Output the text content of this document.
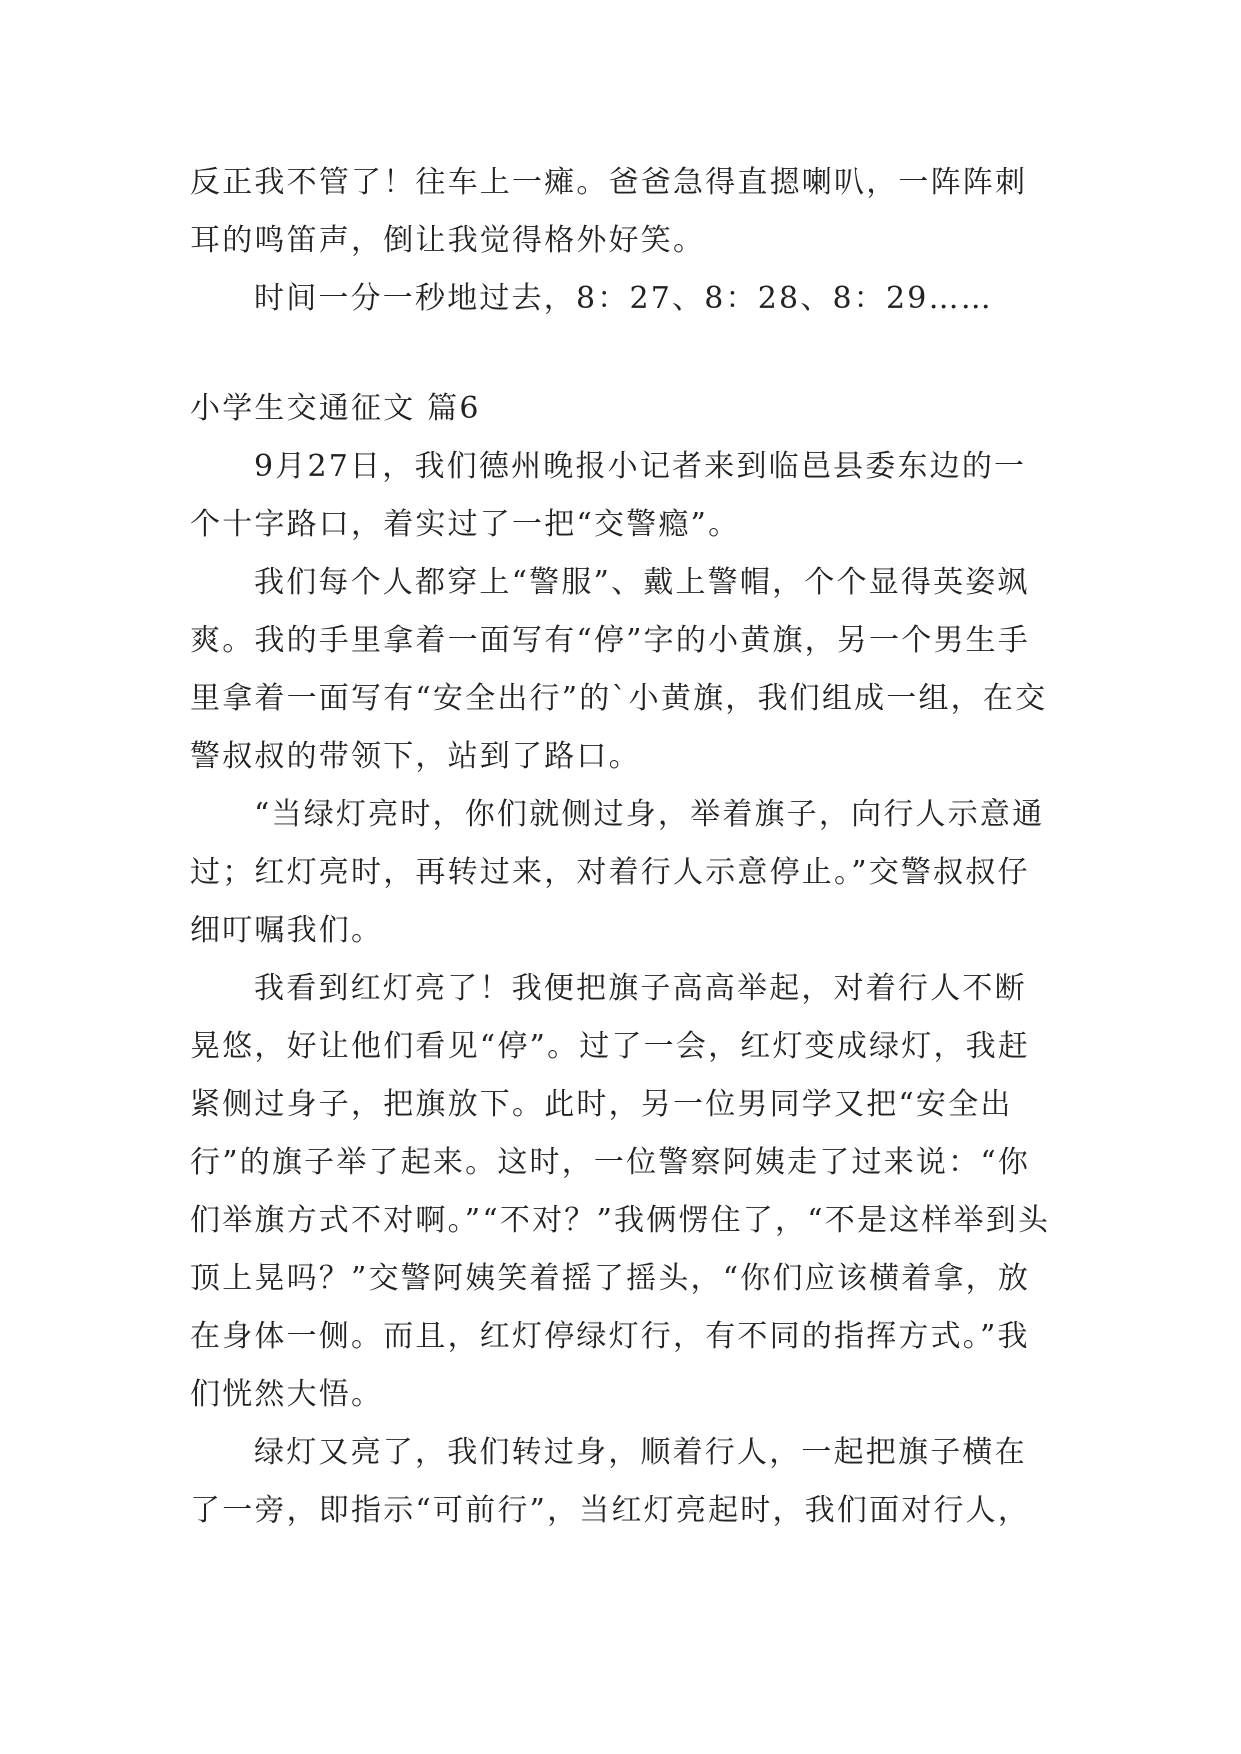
反正我不管了！往车上一瘫。爸爸急得直摁喇叭，一阵阵刺耳的鸣笛声，倒让我觉得格外好笑。

时间一分一秒地过去，8：27、8：28、8：29……

小学生交通征文 篇6

9月27日，我们德州晚报小记者来到临邑县委东边的一个十字路口，着实过了一把“交警瘾”。

我们每个人都穿上“警服”、戴上警帽，个个显得英姿飒爽。我的手里拿着一面写有“停”字的小黄旗，另一个男生手里拿着一面写有“安全出行”的`小黄旗，我们组成一组，在交警叔叔的带领下，站到了路口。

“当绿灯亮时，你们就侧过身，举着旗子，向行人示意通过；红灯亮时，再转过来，对着行人示意停止。”交警叔叔仔细叮嘱我们。

我看到红灯亮了！我便把旗子高高举起，对着行人不断晃悠，好让他们看见“停”。过了一会，红灯变成绿灯，我赶紧侧过身子，把旗放下。此时，另一位男同学又把“安全出行”的旗子举了起来。这时，一位警察阿姨走了过来说：“你们举旗方式不对啊。”“不对？”我俩愣住了，“不是这样举到头顶上晃吗？”交警阿姨笑着摇了摇头，“你们应该横着拿，放在身体一侧。而且，红灯停绿灯行，有不同的指挥方式。”我们恍然大悟。

绿灯又亮了，我们转过身，顺着行人，一起把旗子横在了一旁，即指示“可前行”，当红灯亮起时，我们面对行人，
